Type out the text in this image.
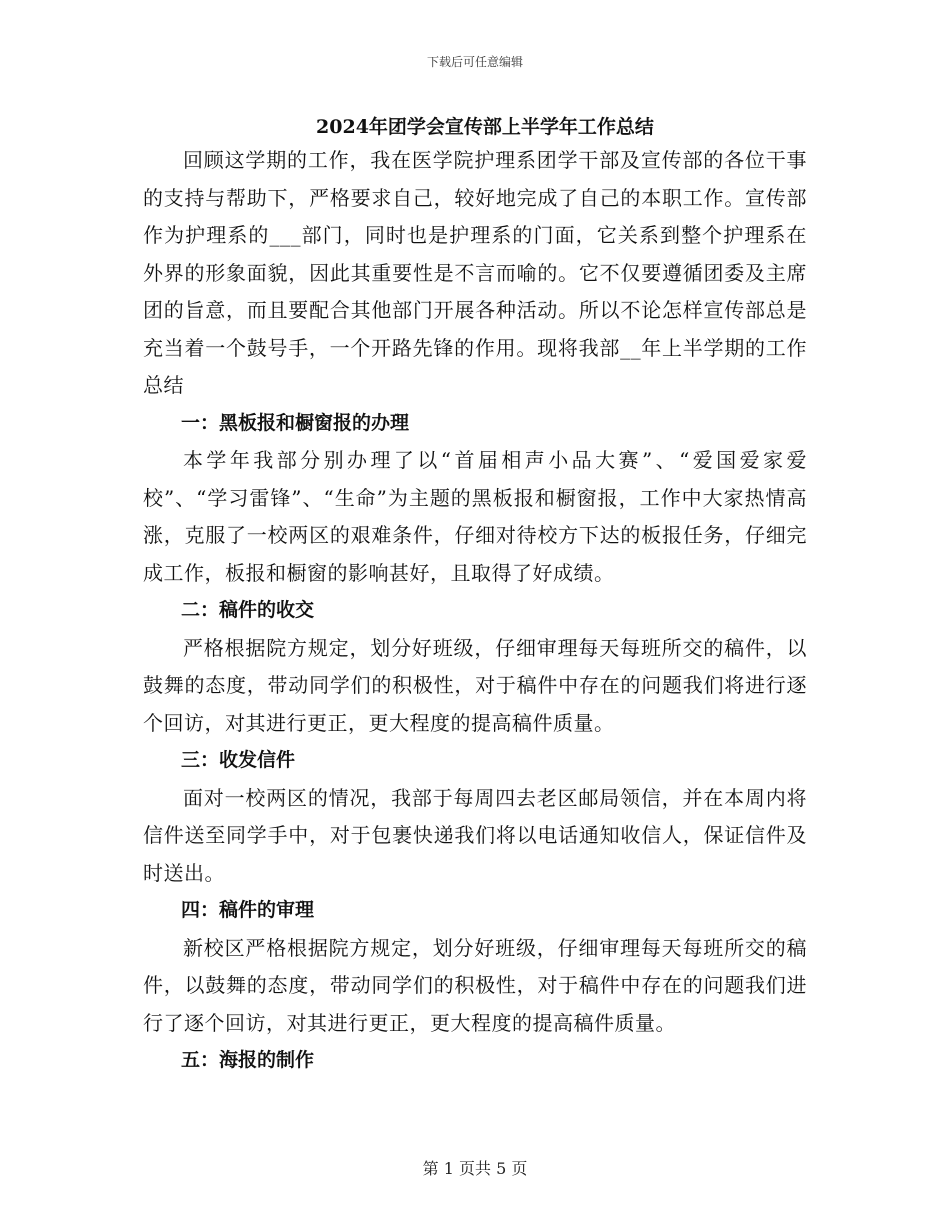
下载后可任意编辑
2024年团学会宣传部上半学年工作总结

回顾这学期的工作，我在医学院护理系团学干部及宣传部的各位干事的支持与帮助下，严格要求自己，较好地完成了自己的本职工作。宣传部作为护理系的___部门，同时也是护理系的门面，它关系到整个护理系在外界的形象面貌，因此其重要性是不言而喻的。它不仅要遵循团委及主席团的旨意，而且要配合其他部门开展各种活动。所以不论怎样宣传部总是充当着一个鼓号手，一个开路先锋的作用。现将我部__年上半学期的工作总结

一：黑板报和橱窗报的办理

本学年我部分别办理了以“首届相声小品大赛”、“爱国爱家爱校”、“学习雷锋”、“生命”为主题的黑板报和橱窗报，工作中大家热情高涨，克服了一校两区的艰难条件，仔细对待校方下达的板报任务，仔细完成工作，板报和橱窗的影响甚好，且取得了好成绩。

二：稿件的收交

严格根据院方规定，划分好班级，仔细审理每天每班所交的稿件，以鼓舞的态度，带动同学们的积极性，对于稿件中存在的问题我们将进行逐个回访，对其进行更正，更大程度的提高稿件质量。

三：收发信件

面对一校两区的情况，我部于每周四去老区邮局领信，并在本周内将信件送至同学手中，对于包裹快递我们将以电话通知收信人，保证信件及时送出。

四：稿件的审理

新校区严格根据院方规定，划分好班级，仔细审理每天每班所交的稿件，以鼓舞的态度，带动同学们的积极性，对于稿件中存在的问题我们进行了逐个回访，对其进行更正，更大程度的提高稿件质量。

五：海报的制作
第 1 页共 5 页
